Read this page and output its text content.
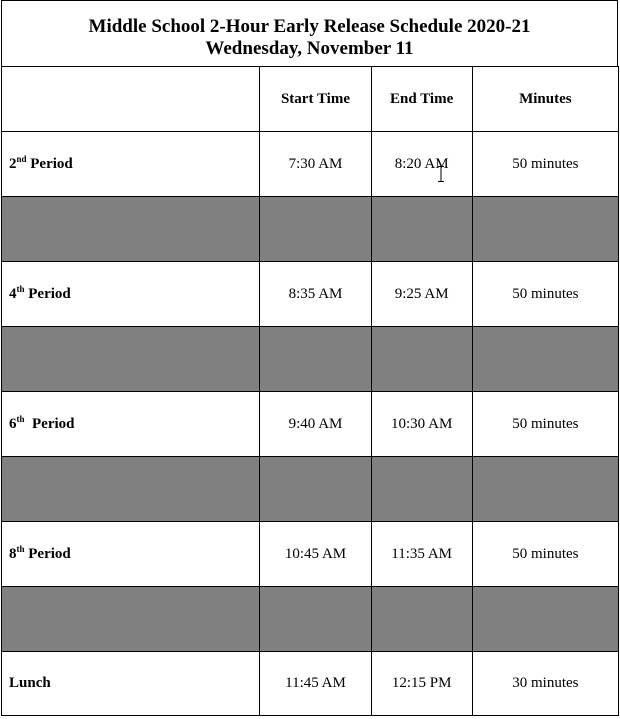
Middle School 2-Hour Early Release Schedule 2020-21
Wednesday, November 11
	Start Time	End Time	Minutes
2nd Period	7:30 AM	8:20 AM	50 minutes

4th Period	8:35 AM	9:25 AM	50 minutes

6th  Period	9:40 AM	10:30 AM	50 minutes

8th Period	10:45 AM	11:35 AM	50 minutes

Lunch	11:45 AM	12:15 PM	30 minutes
